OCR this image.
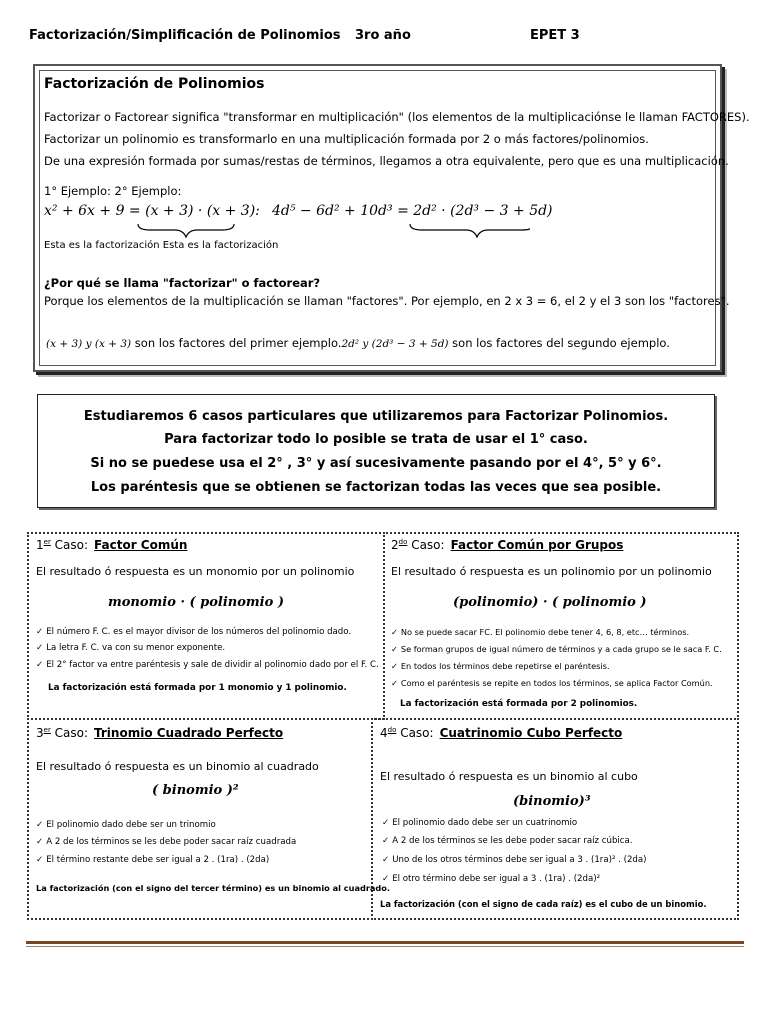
Factorización/Simplificación de Polinomios 3ro año	EPET 3
Factorización de Polinomios
Factorizar o Factorear significa "transformar en multiplicación" (los elementos de la multiplicaciónse le llaman FACTORES).
Factorizar un polinomio es transformarlo en una multiplicación formada por 2 o más factores/polinomios.
De una expresión formada por sumas/restas de términos, llegamos a otra equivalente, pero que es una multiplicación.
1° Ejemplo: 2° Ejemplo:
x² + 6x + 9 = (x + 3) · (x + 3): 4d⁵ − 6d² + 10d³ = 2d² · (2d³ − 3 + 5d)
Esta es la factorización Esta es la factorización
¿Por qué se llama "factorizar" o factorear?
Porque los elementos de la multiplicación se llaman "factores". Por ejemplo, en 2 x 3 = 6, el 2 y el 3 son los "factores".
(x + 3) y (x + 3) son los factores del primer ejemplo.2d² y (2d³ − 3 + 5d) son los factores del segundo ejemplo.
Estudiaremos 6 casos particulares que utilizaremos para Factorizar Polinomios.
Para factorizar todo lo posible se trata de usar el 1° caso.
Si no se puedese usa el 2° , 3° y así sucesivamente pasando por el 4°, 5° y 6°.
Los paréntesis que se obtienen se factorizan todas las veces que sea posible.
1er Caso: Factor Común
El resultado ó respuesta es un monomio por un polinomio
monomio · ( polinomio )
✓ El número F. C. es el mayor divisor de los números del polinomio dado.
✓ La letra F. C. va con su menor exponente.
✓ El 2° factor va entre paréntesis y sale de dividir al polinomio dado por el F. C.
La factorización está formada por 1 monomio y 1 polinomio.
$2^{do}$ Caso: Factor Común por Grupos
El resultado ó respuesta es un polinomio por un polinomio
(polinomio) · ( polinomio )
✓ No se puede sacar FC. El polinomio debe tener 4, 6, 8, etc… términos.
✓ Se forman grupos de igual número de términos y a cada grupo se le saca F. C.
✓ En todos los términos debe repetirse el paréntesis.
✓ Como el paréntesis se repite en todos los términos, se aplica Factor Común.
La factorización está formada por 2 polinomios.
3er Caso: Trinomio Cuadrado Perfecto
El resultado ó respuesta es un binomio al cuadrado
( binomio )²
✓ El polinomio dado debe ser un trinomio
✓ A 2 de los términos se les debe poder sacar raíz cuadrada
✓ El término restante debe ser igual a 2 . (1ra) . (2da)
La factorización (con el signo del tercer término) es un binomio al cuadrado.
$4^{do}$ Caso: Cuatrinomio Cubo Perfecto
El resultado ó respuesta es un binomio al cubo
(binomio)³
✓ El polinomio dado debe ser un cuatrinomio
✓ A 2 de los términos se les debe poder sacar raíz cúbica.
✓ Uno de los otros términos debe ser igual a 3 . (1ra)² . (2da)
✓ El otro término debe ser igual a 3 . (1ra) . (2da)²
La factorización (con el signo de cada raíz) es el cubo de un binomio.
